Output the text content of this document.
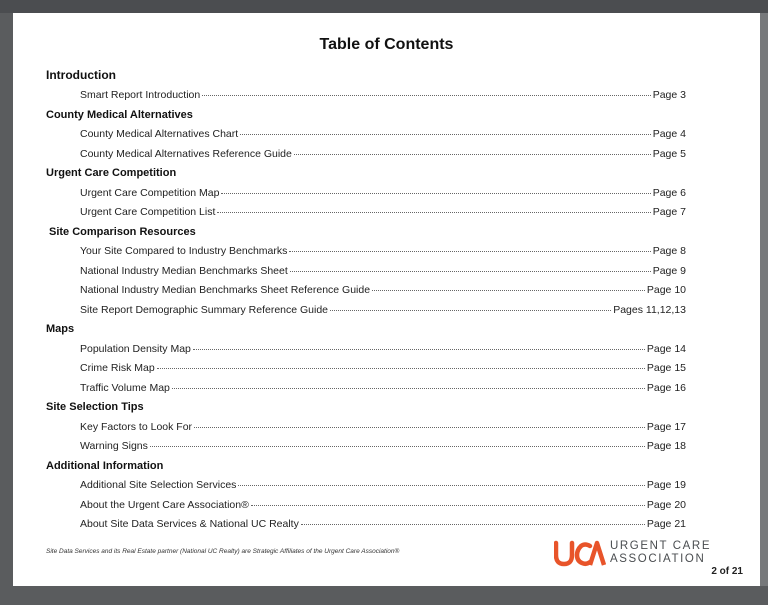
Table of Contents
Introduction
Smart Report Introduction	Page 3
County Medical Alternatives
County Medical Alternatives Chart	Page 4
County Medical Alternatives Reference Guide	Page 5
Urgent Care Competition
Urgent Care Competition Map	Page 6
Urgent Care Competition List	Page 7
Site Comparison Resources
Your Site Compared to Industry Benchmarks	Page 8
National Industry Median Benchmarks Sheet	Page 9
National Industry Median Benchmarks Sheet Reference Guide	Page 10
Site Report Demographic Summary Reference Guide	Pages 11,12,13
Maps
Population Density Map	Page 14
Crime Risk Map	Page 15
Traffic Volume Map	Page 16
Site Selection Tips
Key Factors to Look For	Page 17
Warning Signs	Page 18
Additional Information
Additional Site Selection Services	Page 19
About the Urgent Care Association®	Page 20
About Site Data Services & National UC Realty	Page 21
Site Data Services and its Real Estate partner (National UC Realty) are Strategic Affiliates of the Urgent Care Association®	URGENT CARE
ASSOCIATION
2 of 21
